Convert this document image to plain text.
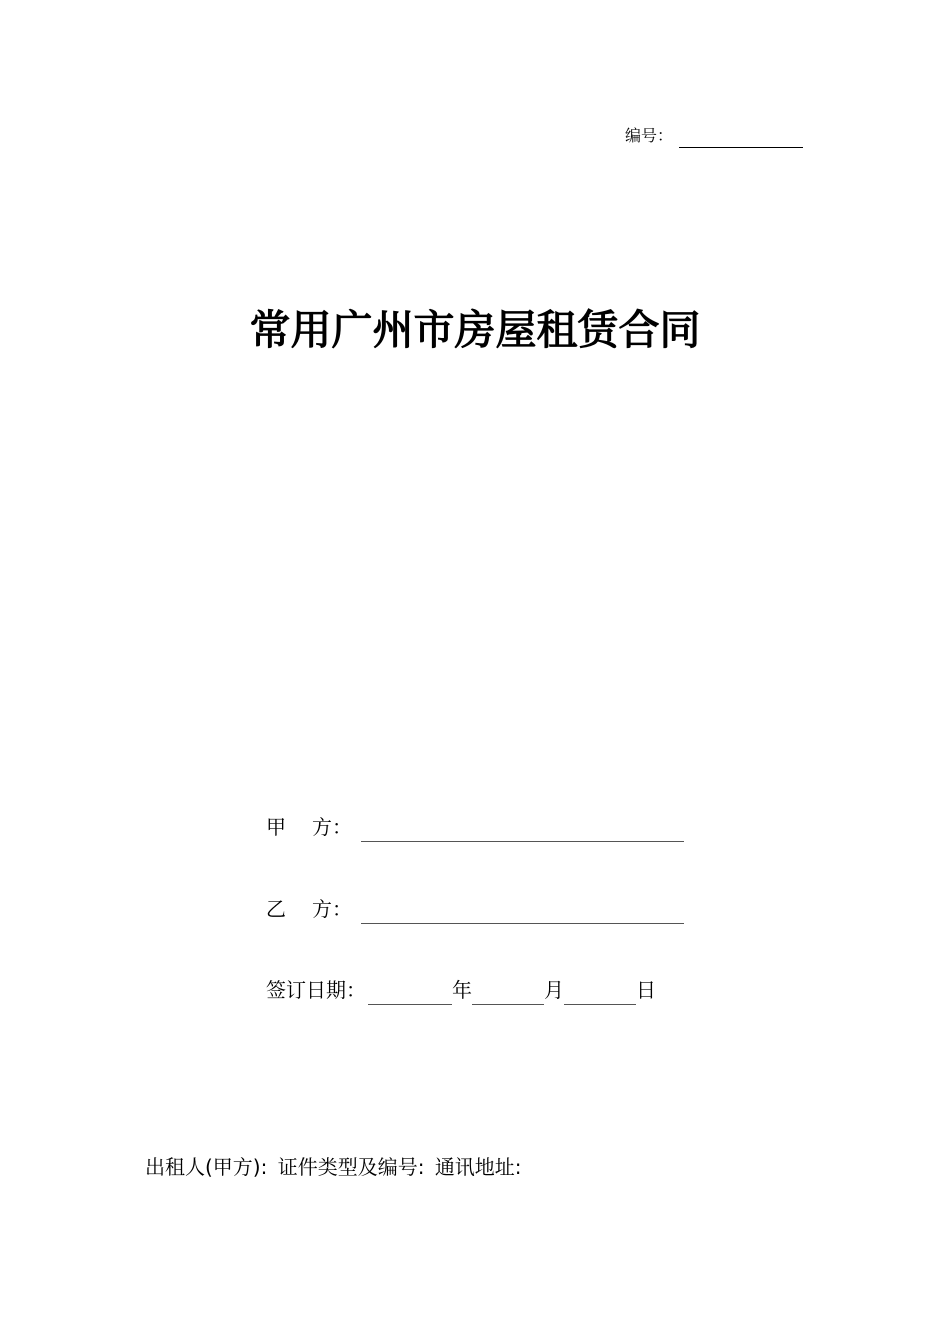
编号：
常用广州市房屋租赁合同
甲 方：
乙 方：
签订日期：	年	月	日
出租人(甲方): 证件类型及编号: 通讯地址:
